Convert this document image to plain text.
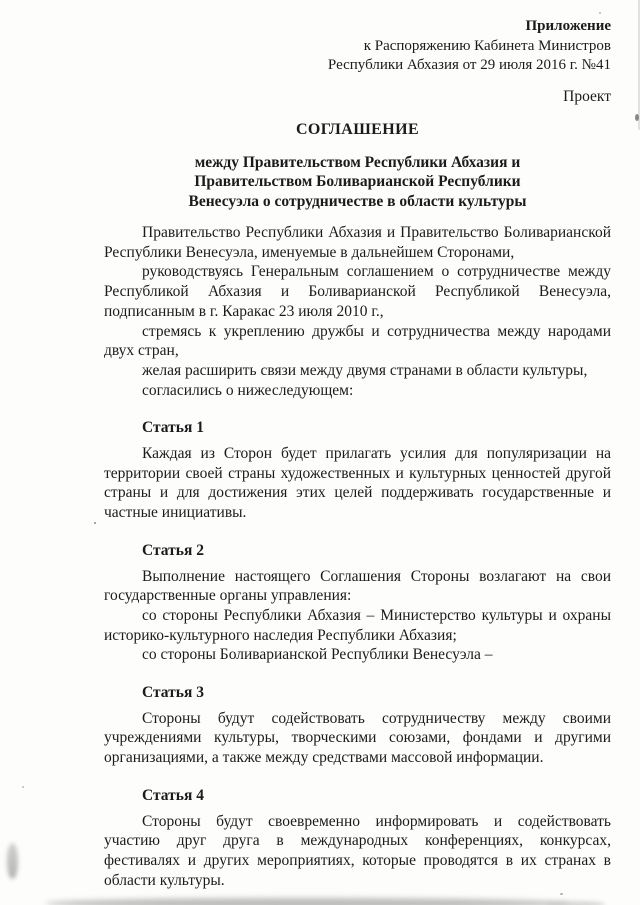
Приложение
к Распоряжению Кабинета Министров
Республики Абхазия от 29 июля 2016 г. №41
Проект
СОГЛАШЕНИЕ
между Правительством Республики Абхазия и
Правительством Боливарианской Республики
Венесуэла о сотрудничестве в области культуры

Правительство Республики Абхазия и Правительство Боливарианской Республики Венесуэла, именуемые в дальнейшем Сторонами,

руководствуясь Генеральным соглашением о сотрудничестве между Республикой Абхазия и Боливарианской Республикой Венесуэла, подписанным в г. Каракас 23 июля 2010 г.,

стремясь к укреплению дружбы и сотрудничества между народами двух стран,

желая расширить связи между двумя странами в области культуры,

согласились о нижеследующем:

Статья 1

Каждая из Сторон будет прилагать усилия для популяризации на территории своей страны художественных и культурных ценностей другой страны и для достижения этих целей поддерживать государственные и частные инициативы.

Статья 2

Выполнение настоящего Соглашения Стороны возлагают на свои государственные органы управления:

со стороны Республики Абхазия – Министерство культуры и охраны историко-культурного наследия Республики Абхазия;

со стороны Боливарианской Республики Венесуэла –

Статья 3

Стороны будут содействовать сотрудничеству между своими учреждениями культуры, творческими союзами, фондами и другими организациями, а также между средствами массовой информации.

Статья 4

Стороны будут своевременно информировать и содействовать участию друг друга в международных конференциях, конкурсах, фестивалях и других мероприятиях, которые проводятся в их странах в области культуры.
